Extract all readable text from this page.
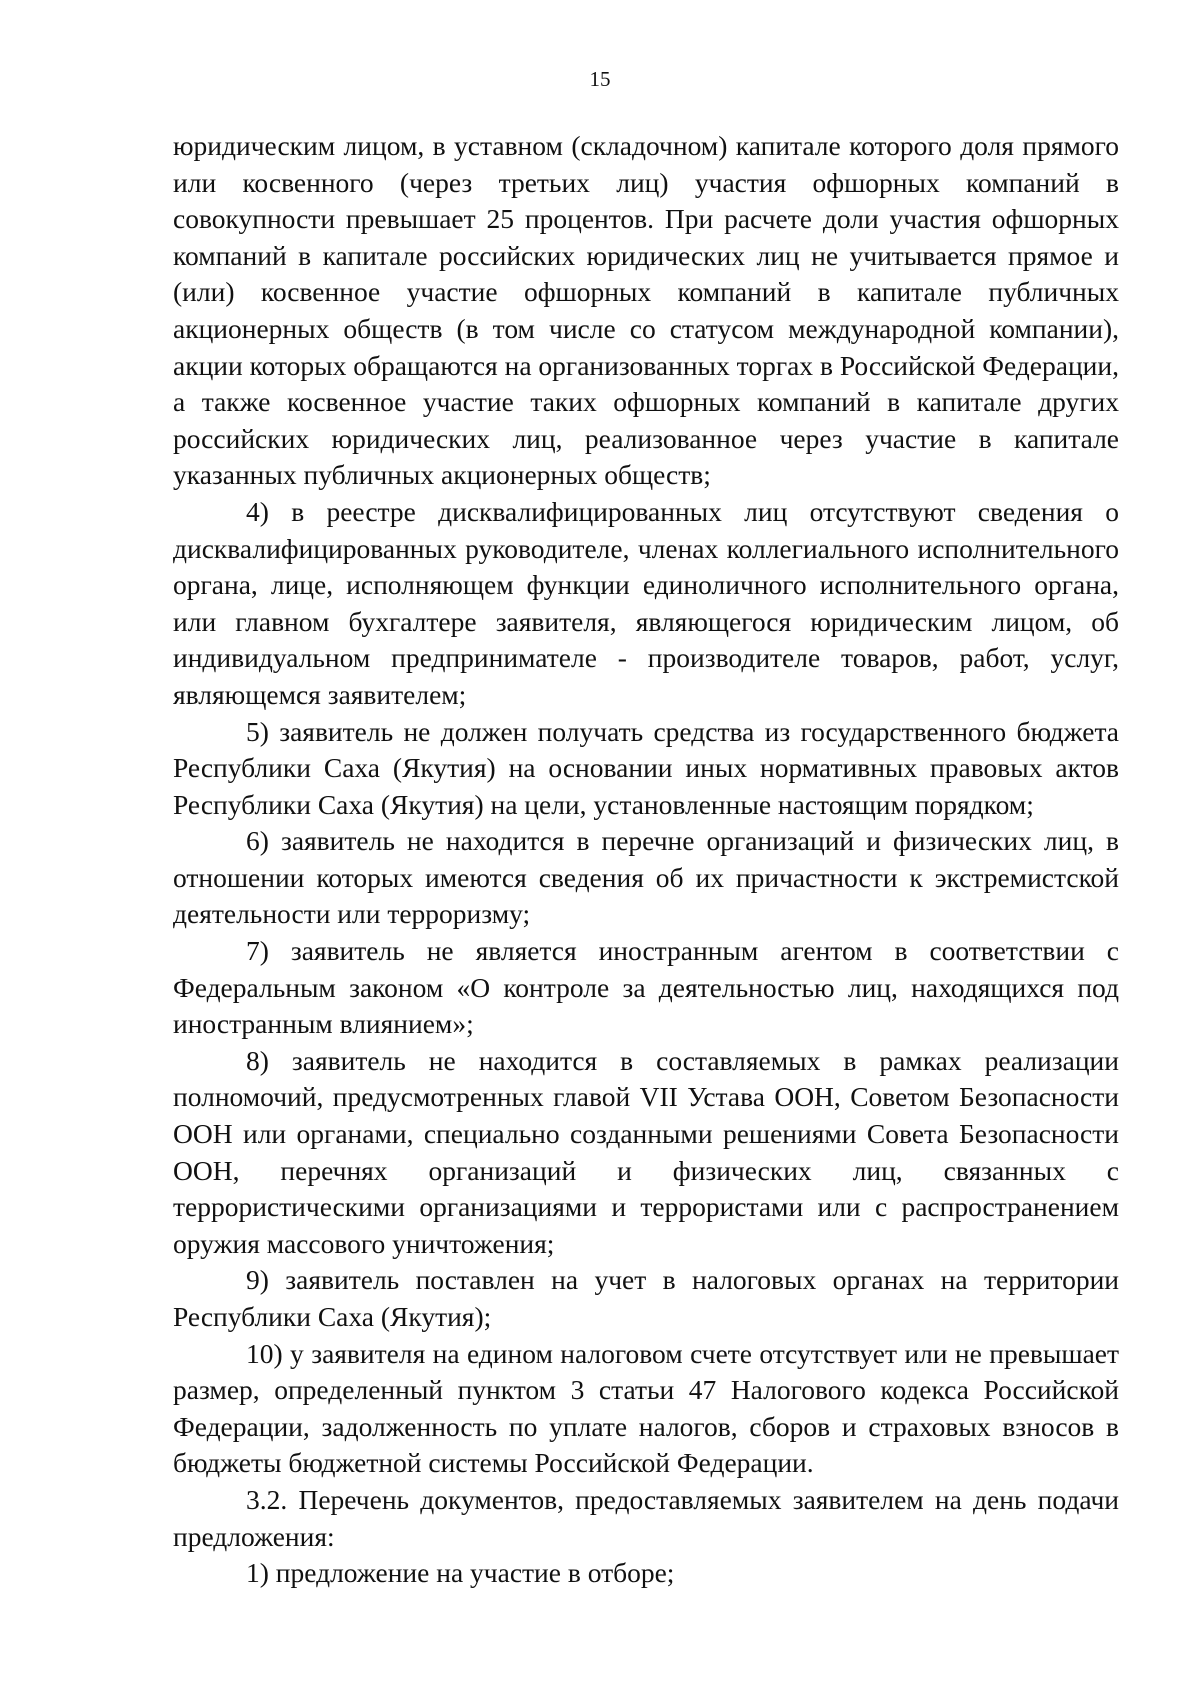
15

юридическим лицом, в уставном (складочном) капитале которого доля прямого или косвенного (через третьих лиц) участия офшорных компаний в совокупности превышает 25 процентов. При расчете доли участия офшорных компаний в капитале российских юридических лиц не учитывается прямое и (или) косвенное участие офшорных компаний в капитале публичных акционерных обществ (в том числе со статусом международной компании), акции которых обращаются на организованных торгах в Российской Федерации, а также косвенное участие таких офшорных компаний в капитале других российских юридических лиц, реализованное через участие в капитале указанных публичных акционерных обществ;

4) в реестре дисквалифицированных лиц отсутствуют сведения о дисквалифицированных руководителе, членах коллегиального исполнительного органа, лице, исполняющем функции единоличного исполнительного органа, или главном бухгалтере заявителя, являющегося юридическим лицом, об индивидуальном предпринимателе - производителе товаров, работ, услуг, являющемся заявителем;

5) заявитель не должен получать средства из государственного бюджета Республики Саха (Якутия) на основании иных нормативных правовых актов Республики Саха (Якутия) на цели, установленные настоящим порядком;

6) заявитель не находится в перечне организаций и физических лиц, в отношении которых имеются сведения об их причастности к экстремистской деятельности или терроризму;

7) заявитель не является иностранным агентом в соответствии с Федеральным законом «О контроле за деятельностью лиц, находящихся под иностранным влиянием»;

8) заявитель не находится в составляемых в рамках реализации полномочий, предусмотренных главой VII Устава ООН, Советом Безопасности ООН или органами, специально созданными решениями Совета Безопасности ООН, перечнях организаций и физических лиц, связанных с террористическими организациями и террористами или с распространением оружия массового уничтожения;

9) заявитель поставлен на учет в налоговых органах на территории Республики Саха (Якутия);

10) у заявителя на едином налоговом счете отсутствует или не превышает размер, определенный пунктом 3 статьи 47 Налогового кодекса Российской Федерации, задолженность по уплате налогов, сборов и страховых взносов в бюджеты бюджетной системы Российской Федерации.

3.2. Перечень документов, предоставляемых заявителем на день подачи предложения:

1) предложение на участие в отборе;
